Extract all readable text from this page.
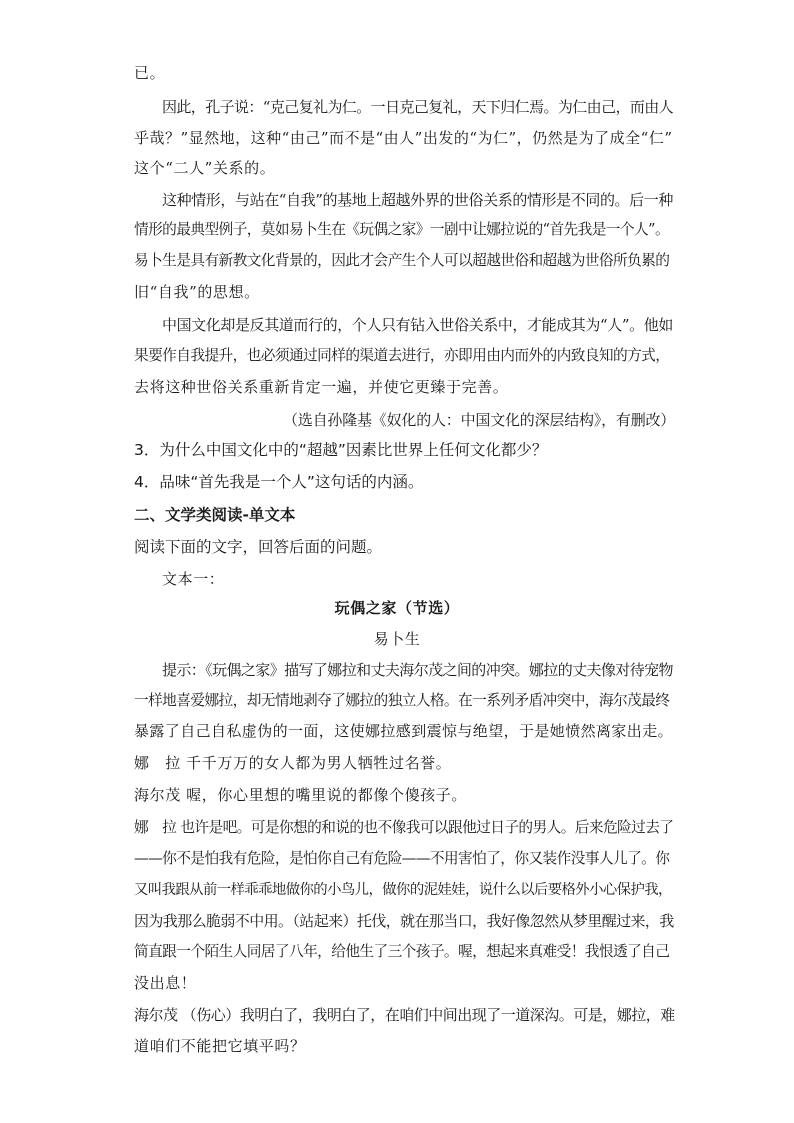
已。
因此，孔子说：“克己复礼为仁。一日克己复礼，天下归仁焉。为仁由己，而由人
乎哉？”显然地，这种“由己”而不是“由人”出发的“为仁”，仍然是为了成全“仁”
这个“二人”关系的。
这种情形，与站在“自我”的基地上超越外界的世俗关系的情形是不同的。后一种
情形的最典型例子，莫如易卜生在《玩偶之家》一剧中让娜拉说的“首先我是一个人”。
易卜生是具有新教文化背景的，因此才会产生个人可以超越世俗和超越为世俗所负累的
旧“自我”的思想。
中国文化却是反其道而行的，个人只有钻入世俗关系中，才能成其为“人”。他如
果要作自我提升，也必须通过同样的渠道去进行，亦即用由内而外的内致良知的方式，
去将这种世俗关系重新肯定一遍，并使它更臻于完善。
（选自孙隆基《奴化的人：中国文化的深层结构》，有删改）
3．为什么中国文化中的“超越”因素比世界上任何文化都少？
4．品味“首先我是一个人”这句话的内涵。
二、文学类阅读-单文本
阅读下面的文字，回答后面的问题。
文本一：
玩偶之家（节选）
易卜生
提示：《玩偶之家》描写了娜拉和丈夫海尔茂之间的冲突。娜拉的丈夫像对待宠物
一样地喜爱娜拉，却无情地剥夺了娜拉的独立人格。在一系列矛盾冲突中，海尔茂最终
暴露了自己自私虚伪的一面，这使娜拉感到震惊与绝望，于是她愤然离家出走。
娜　拉 千千万万的女人都为男人牺牲过名誉。
海尔茂 喔，你心里想的嘴里说的都像个傻孩子。
娜　拉 也许是吧。可是你想的和说的也不像我可以跟他过日子的男人。后来危险过去了
——你不是怕我有危险，是怕你自己有危险——不用害怕了，你又装作没事人儿了。你
又叫我跟从前一样乖乖地做你的小鸟儿，做你的泥娃娃，说什么以后要格外小心保护我，
因为我那么脆弱不中用。（站起来）托伐，就在那当口，我好像忽然从梦里醒过来，我
简直跟一个陌生人同居了八年，给他生了三个孩子。喔，想起来真难受！我恨透了自己
没出息！
海尔茂 （伤心）我明白了，我明白了，在咱们中间出现了一道深沟。可是，娜拉，难
道咱们不能把它填平吗？
